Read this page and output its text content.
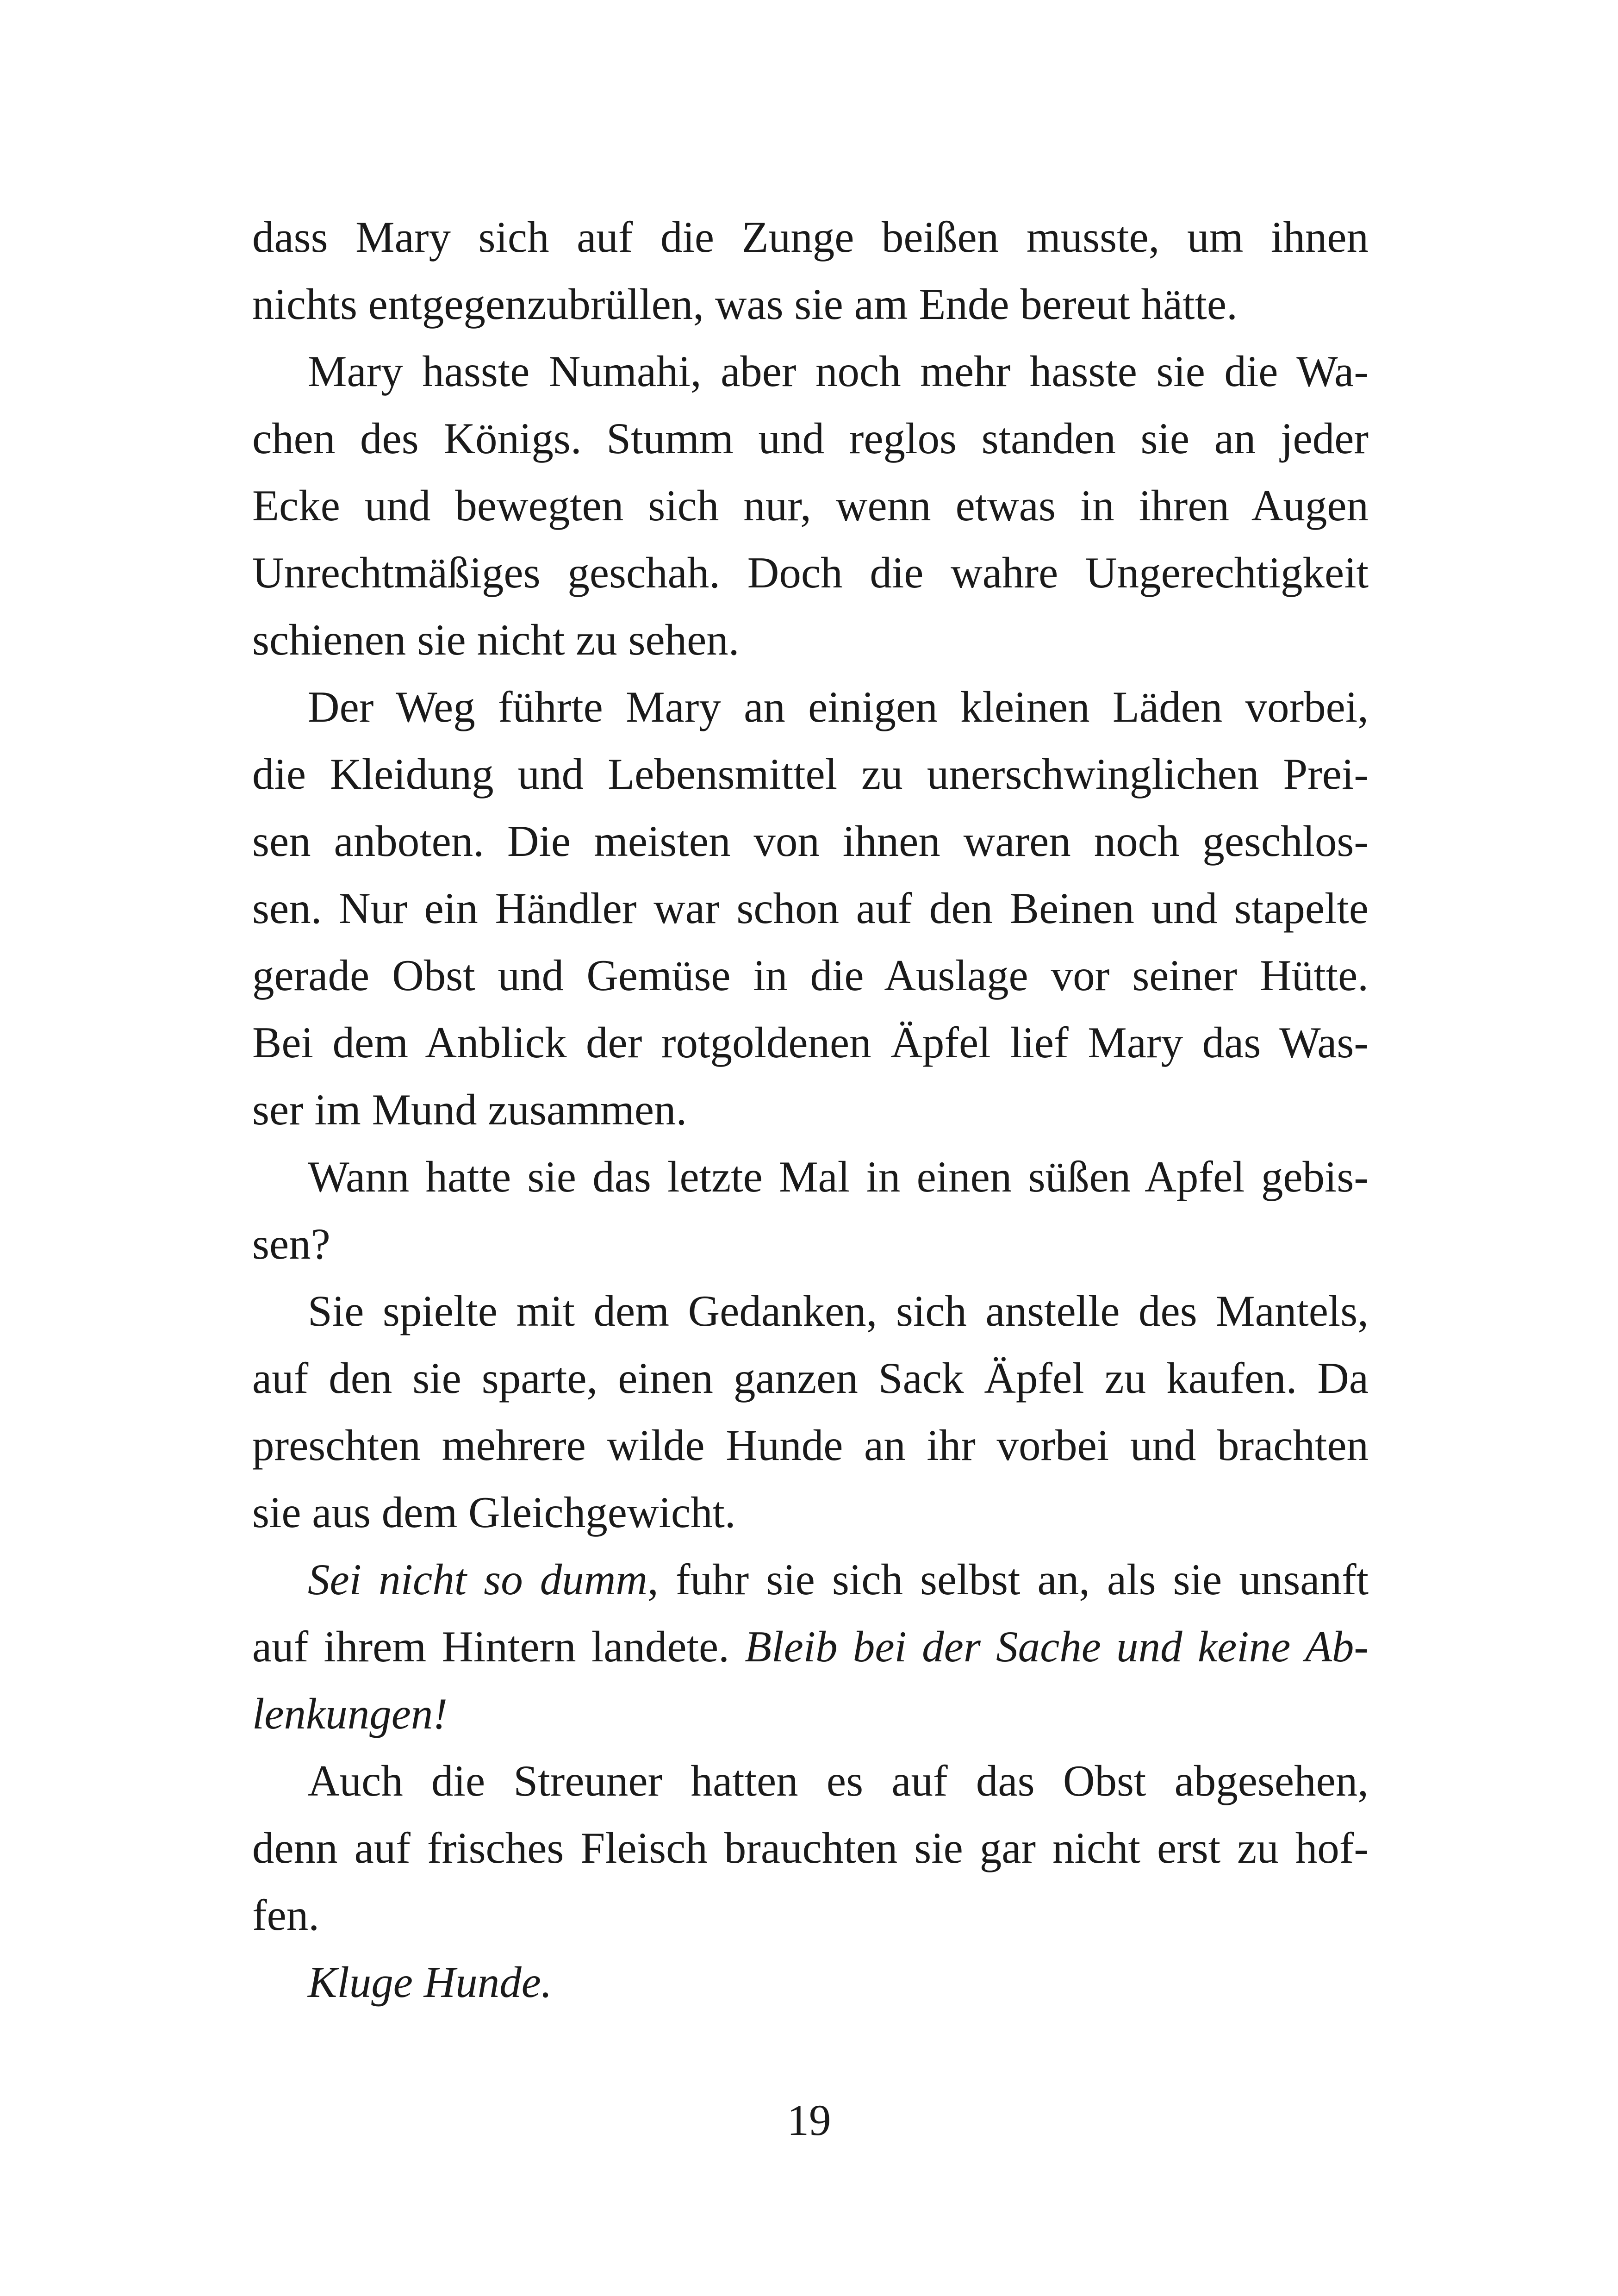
dass Mary sich auf die Zunge beißen musste, um ihnen
nichts entgegenzubrüllen, was sie am Ende bereut hätte.
Mary hasste Numahi, aber noch mehr hasste sie die Wa-
chen des Königs. Stumm und reglos standen sie an jeder
Ecke und bewegten sich nur, wenn etwas in ihren Augen
Unrechtmäßiges geschah. Doch die wahre Ungerechtigkeit
schienen sie nicht zu sehen.
Der Weg führte Mary an einigen kleinen Läden vorbei,
die Kleidung und Lebensmittel zu unerschwinglichen Prei-
sen anboten. Die meisten von ihnen waren noch geschlos-
sen. Nur ein Händler war schon auf den Beinen und stapelte
gerade Obst und Gemüse in die Auslage vor seiner Hütte.
Bei dem Anblick der rotgoldenen Äpfel lief Mary das Was-
ser im Mund zusammen.
Wann hatte sie das letzte Mal in einen süßen Apfel gebis-
sen?
Sie spielte mit dem Gedanken, sich anstelle des Mantels,
auf den sie sparte, einen ganzen Sack Äpfel zu kaufen. Da
preschten mehrere wilde Hunde an ihr vorbei und brachten
sie aus dem Gleichgewicht.
Sei nicht so dumm, fuhr sie sich selbst an, als sie unsanft
auf ihrem Hintern landete. Bleib bei der Sache und keine Ab-
lenkungen!
Auch die Streuner hatten es auf das Obst abgesehen,
denn auf frisches Fleisch brauchten sie gar nicht erst zu hof-
fen.
Kluge Hunde.
19
